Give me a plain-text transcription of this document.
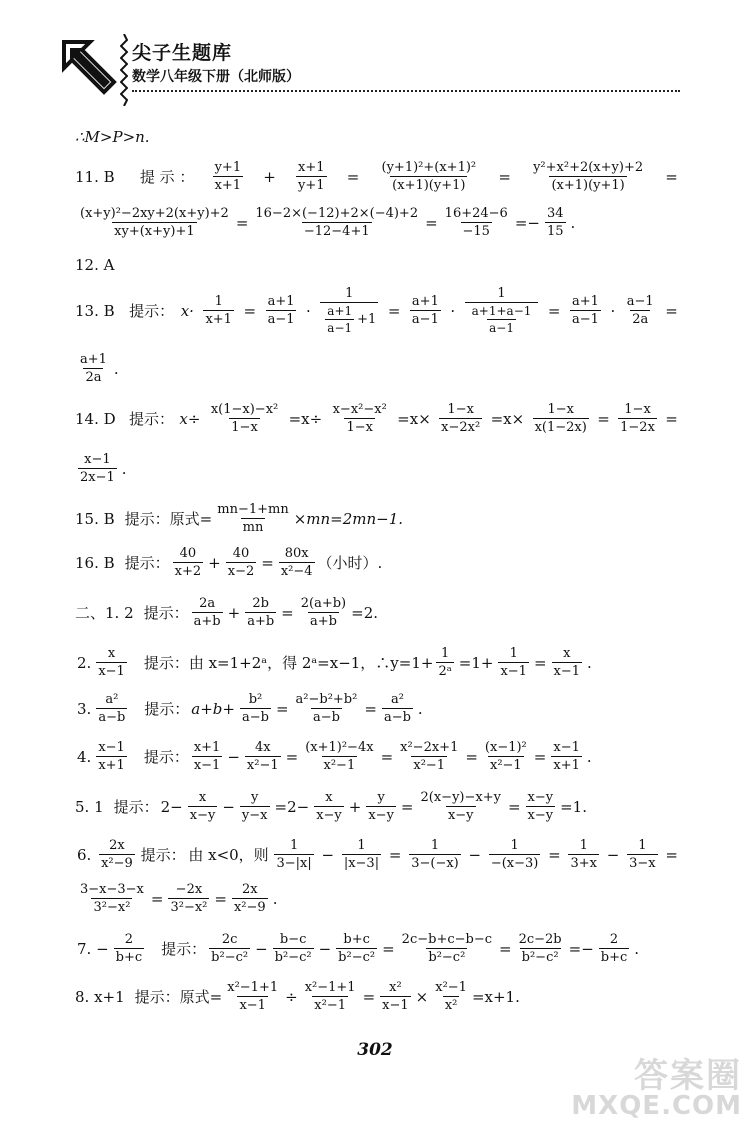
尖子生题库
数学八年级下册（北师版）
∴M>P>n.
11. B 提 示 ： $\frac{y+1}{x+1} + \frac{x+1}{y+1} = \frac{\text{(y+1)²+(x+1)²}}{(x+1)(y+1)} = \frac{\text{y²+x²+2(x+y)+2}}{(x+1)(y+1)}$ =
$\frac{\text{(x+y)²−2xy+2(x+y)+2}}{xy+(x+y)+1} = \frac{16-2\times(-12)+2\times(-4)+2}{-12-4+1} = \frac{16+24-6}{-15} =- \frac{34}{15}$ .
12. A
13. B 提示： $x\cdot \frac{1}{x+1} = \frac{a+1}{a-1} \cdot \frac{1}{\frac{a+1}{a-1} +1} = \frac{a+1}{a-1} \cdot \frac{1}{\frac{a+1+a-1}{a-1}} = \frac{a+1}{a-1} \cdot \frac{a-1}{2a}$ =
$\frac{a+1}{2a}$ .
14. D 提示： $x\div \frac{\text{x(1−x)−x²}}{1-x} =x\div \frac{\text{x−x²−x²}}{1-x} =x\times \frac{1-x}{\text{x−2x²}} =x\times \frac{1-x}{x(1-2x)} = \frac{1-x}{1-2x}$ =
$\frac{x-1}{2x-1}$ .
15. B 提示： 原式= $\frac{mn-1+mn}{mn} \times mn=2mn-1$.
16. B 提示： $\frac{40}{x+2} + \frac{40}{x-2} = \frac{80x}{\text{x²−4}}$ （小时）.
二、1. 2 提示： $\frac{2a}{a+b} + \frac{2b}{a+b} = \frac{2(a+b)}{a+b} =2$.
2. $\frac{x}{x-1}$ 提示： 由 x=1+2ᵃ，得 2ᵃ=x−1，∴y=1+ $\frac{1}{\text{2ᵃ}} =1+ \frac{1}{x-1} = \frac{x}{x-1}$ .
3. $\frac{\text{a²}}{a-b}$ 提示： $a+b+ \frac{\text{b²}}{a-b} = \frac{\text{a²−b²+b²}}{a-b} = \frac{\text{a²}}{a-b}$ .
4. $\frac{x-1}{x+1}$ 提示： $\frac{x+1}{x-1} - \frac{4x}{\text{x²−1}} = \frac{\text{(x+1)²−4x}}{\text{x²−1}} = \frac{\text{x²−2x+1}}{\text{x²−1}} = \frac{\text{(x−1)²}}{\text{x²−1}} = \frac{x-1}{x+1}$ .
5. 1 提示： $2- \frac{x}{x-y} - \frac{y}{y-x} =2- \frac{x}{x-y} + \frac{y}{x-y} = \frac{2(x-y)-x+y}{x-y} = \frac{x-y}{x-y} =1$.
6. $\frac{2x}{\text{x²−9}}$ 提示： 由 x<0，则 $\frac{1}{3-|x|} - \frac{1}{|x-3|} = \frac{1}{3-(-x)} - \frac{1}{-(x-3)} = \frac{1}{3+x} - \frac{1}{3-x}$ =
$\frac{3-x-3-x}{\text{3²−x²}} = \frac{-2x}{\text{3²−x²}} = \frac{2x}{\text{x²−9}}$ .
7. − $\frac{2}{b+c}$ 提示： $\frac{2c}{\text{b²−c²}} - \frac{b-c}{\text{b²−c²}} - \frac{b+c}{\text{b²−c²}} = \frac{2c-b+c-b-c}{\text{b²−c²}} = \frac{2c-2b}{\text{b²−c²}} =- \frac{2}{b+c}$ .
8. x+1 提示： 原式= $\frac{\text{x²−1+1}}{x-1} \div \frac{\text{x²−1+1}}{\text{x²−1}} = \frac{\text{x²}}{x-1} \times \frac{\text{x²−1}}{\text{x²}} =x+1$.
302
答案圈
MXQE.COM
